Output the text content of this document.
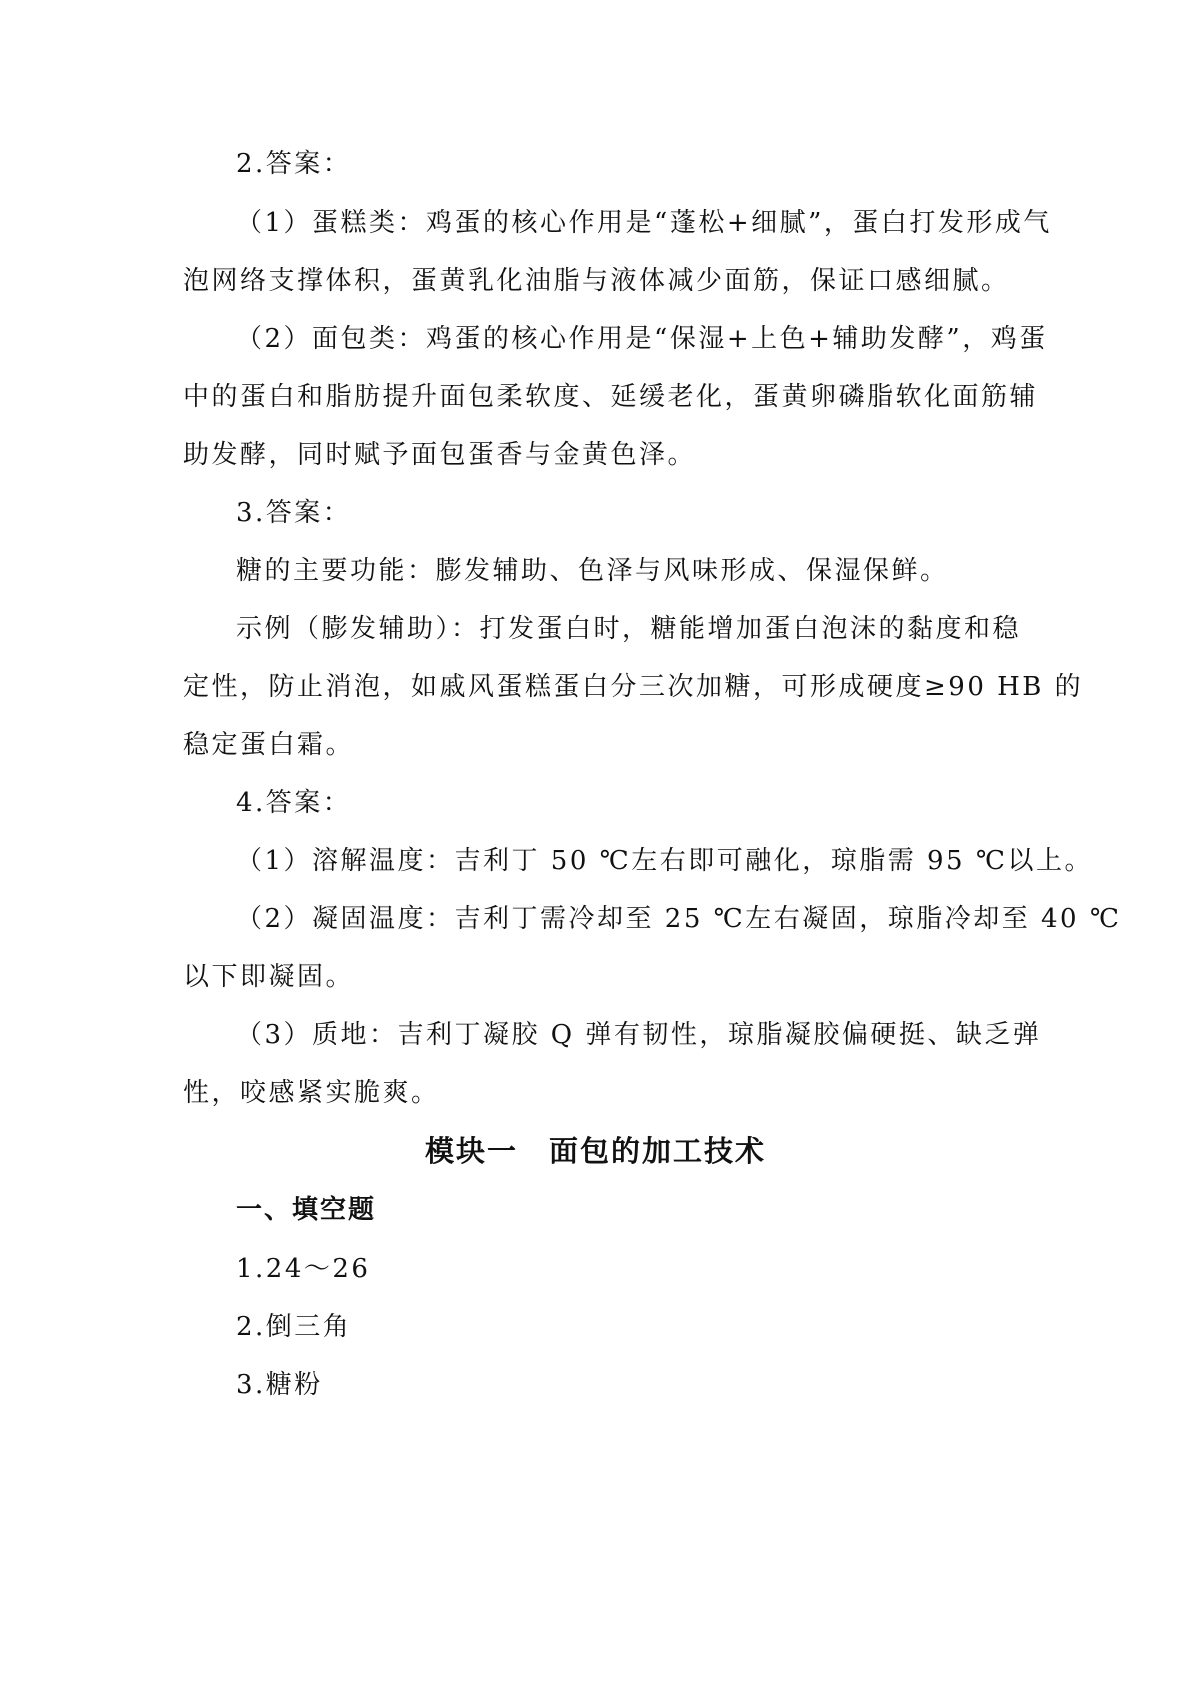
2.答案：
（1）蛋糕类：鸡蛋的核心作用是“蓬松+细腻”，蛋白打发形成气
泡网络支撑体积，蛋黄乳化油脂与液体减少面筋，保证口感细腻。
（2）面包类：鸡蛋的核心作用是“保湿+上色+辅助发酵”，鸡蛋
中的蛋白和脂肪提升面包柔软度、延缓老化，蛋黄卵磷脂软化面筋辅
助发酵，同时赋予面包蛋香与金黄色泽。
3.答案：
糖的主要功能：膨发辅助、色泽与风味形成、保湿保鲜。
示例（膨发辅助）：打发蛋白时，糖能增加蛋白泡沫的黏度和稳
定性，防止消泡，如戚风蛋糕蛋白分三次加糖，可形成硬度≥90 HB 的
稳定蛋白霜。
4.答案：
（1）溶解温度：吉利丁 50 ℃左右即可融化，琼脂需 95 ℃以上。
（2）凝固温度：吉利丁需冷却至 25 ℃左右凝固，琼脂冷却至 40 ℃
以下即凝固。
（3）质地：吉利丁凝胶 Q 弹有韧性，琼脂凝胶偏硬挺、缺乏弹
性，咬感紧实脆爽。
模块一　面包的加工技术
一、填空题
1.24～26
2.倒三角
3.糖粉
